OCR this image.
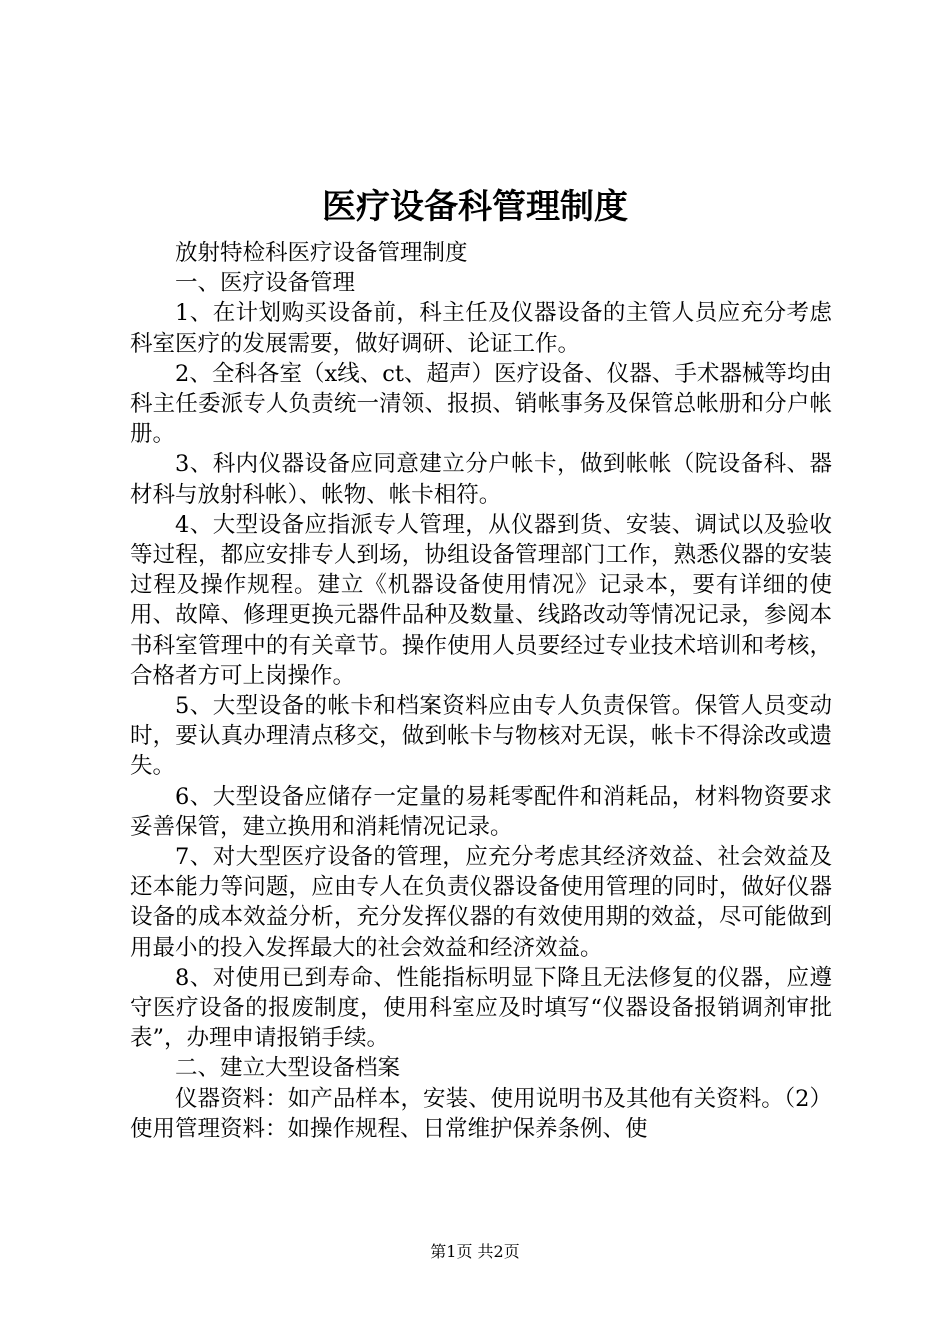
医疗设备科管理制度

放射特检科医疗设备管理制度

一、医疗设备管理

1、在计划购买设备前，科主任及仪器设备的主管人员应充分考虑科室医疗的发展需要，做好调研、论证工作。

2、全科各室（x线、ct、超声）医疗设备、仪器、手术器械等均由科主任委派专人负责统一清领、报损、销帐事务及保管总帐册和分户帐册。

3、科内仪器设备应同意建立分户帐卡，做到帐帐（院设备科、器材科与放射科帐）、帐物、帐卡相符。

4、大型设备应指派专人管理，从仪器到货、安装、调试以及验收等过程，都应安排专人到场，协组设备管理部门工作，熟悉仪器的安装过程及操作规程。建立《机器设备使用情况》记录本，要有详细的使用、故障、修理更换元器件品种及数量、线路改动等情况记录，参阅本书科室管理中的有关章节。操作使用人员要经过专业技术培训和考核，合格者方可上岗操作。

5、大型设备的帐卡和档案资料应由专人负责保管。保管人员变动时，要认真办理清点移交，做到帐卡与物核对无误，帐卡不得涂改或遗失。

6、大型设备应储存一定量的易耗零配件和消耗品，材料物资要求妥善保管，建立换用和消耗情况记录。

7、对大型医疗设备的管理，应充分考虑其经济效益、社会效益及还本能力等问题，应由专人在负责仪器设备使用管理的同时，做好仪器设备的成本效益分析，充分发挥仪器的有效使用期的效益，尽可能做到用最小的投入发挥最大的社会效益和经济效益。

8、对使用已到寿命、性能指标明显下降且无法修复的仪器，应遵守医疗设备的报废制度，使用科室应及时填写“仪器设备报销调剂审批表”，办理申请报销手续。

二、建立大型设备档案

仪器资料：如产品样本，安装、使用说明书及其他有关资料。（2）使用管理资料：如操作规程、日常维护保养条例、使

第1页 共2页
